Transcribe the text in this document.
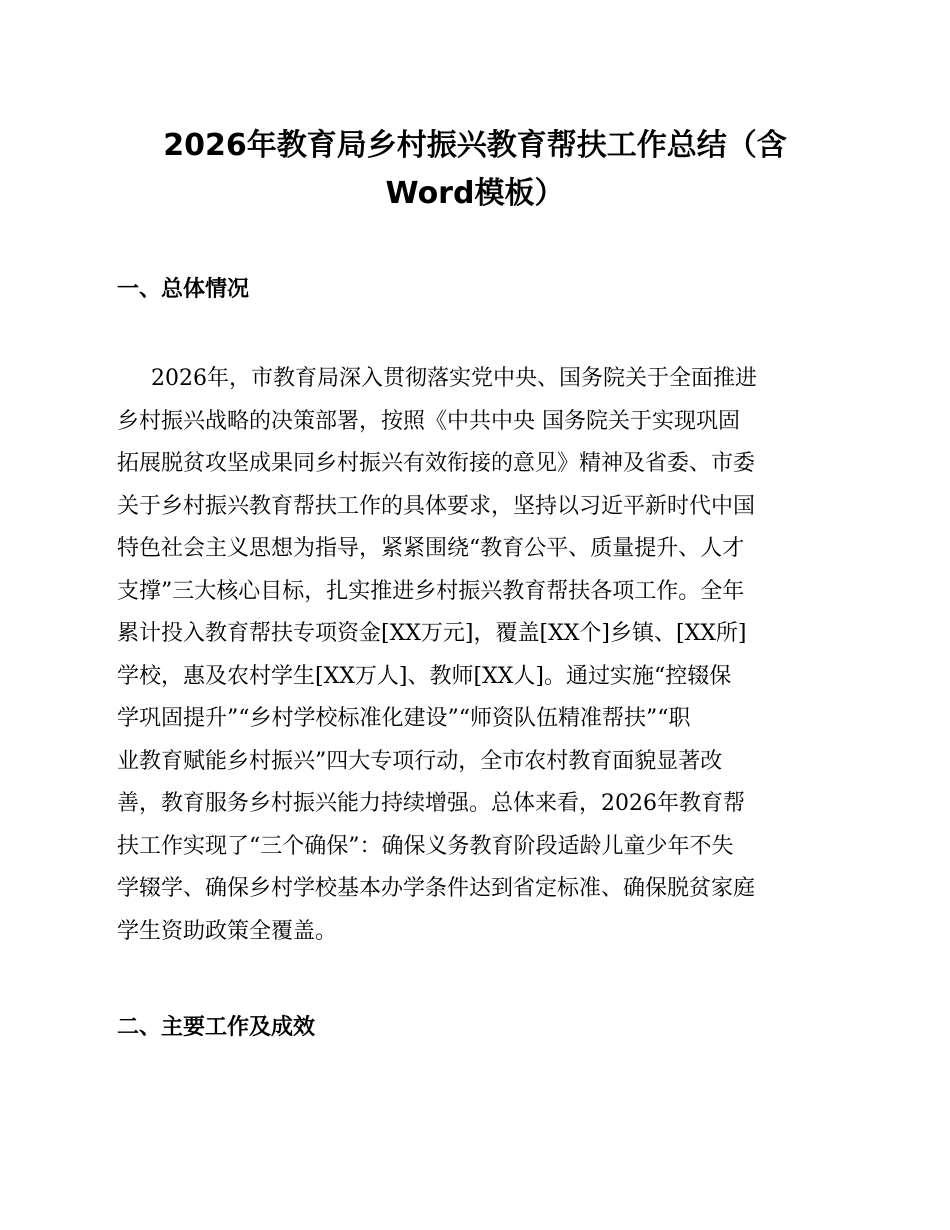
2026年教育局乡村振兴教育帮扶工作总结（含
Word模板）
一、总体情况
2026年，市教育局深入贯彻落实党中央、国务院关于全面推进
乡村振兴战略的决策部署，按照《中共中央 国务院关于实现巩固
拓展脱贫攻坚成果同乡村振兴有效衔接的意见》精神及省委、市委
关于乡村振兴教育帮扶工作的具体要求，坚持以习近平新时代中国
特色社会主义思想为指导，紧紧围绕“教育公平、质量提升、人才
支撑”三大核心目标，扎实推进乡村振兴教育帮扶各项工作。全年
累计投入教育帮扶专项资金[XX万元]，覆盖[XX个]乡镇、[XX所]
学校，惠及农村学生[XX万人]、教师[XX人]。通过实施“控辍保
学巩固提升”“乡村学校标准化建设”“师资队伍精准帮扶”“职
业教育赋能乡村振兴”四大专项行动，全市农村教育面貌显著改
善，教育服务乡村振兴能力持续增强。总体来看，2026年教育帮
扶工作实现了“三个确保”：确保义务教育阶段适龄儿童少年不失
学辍学、确保乡村学校基本办学条件达到省定标准、确保脱贫家庭
学生资助政策全覆盖。
二、主要工作及成效
